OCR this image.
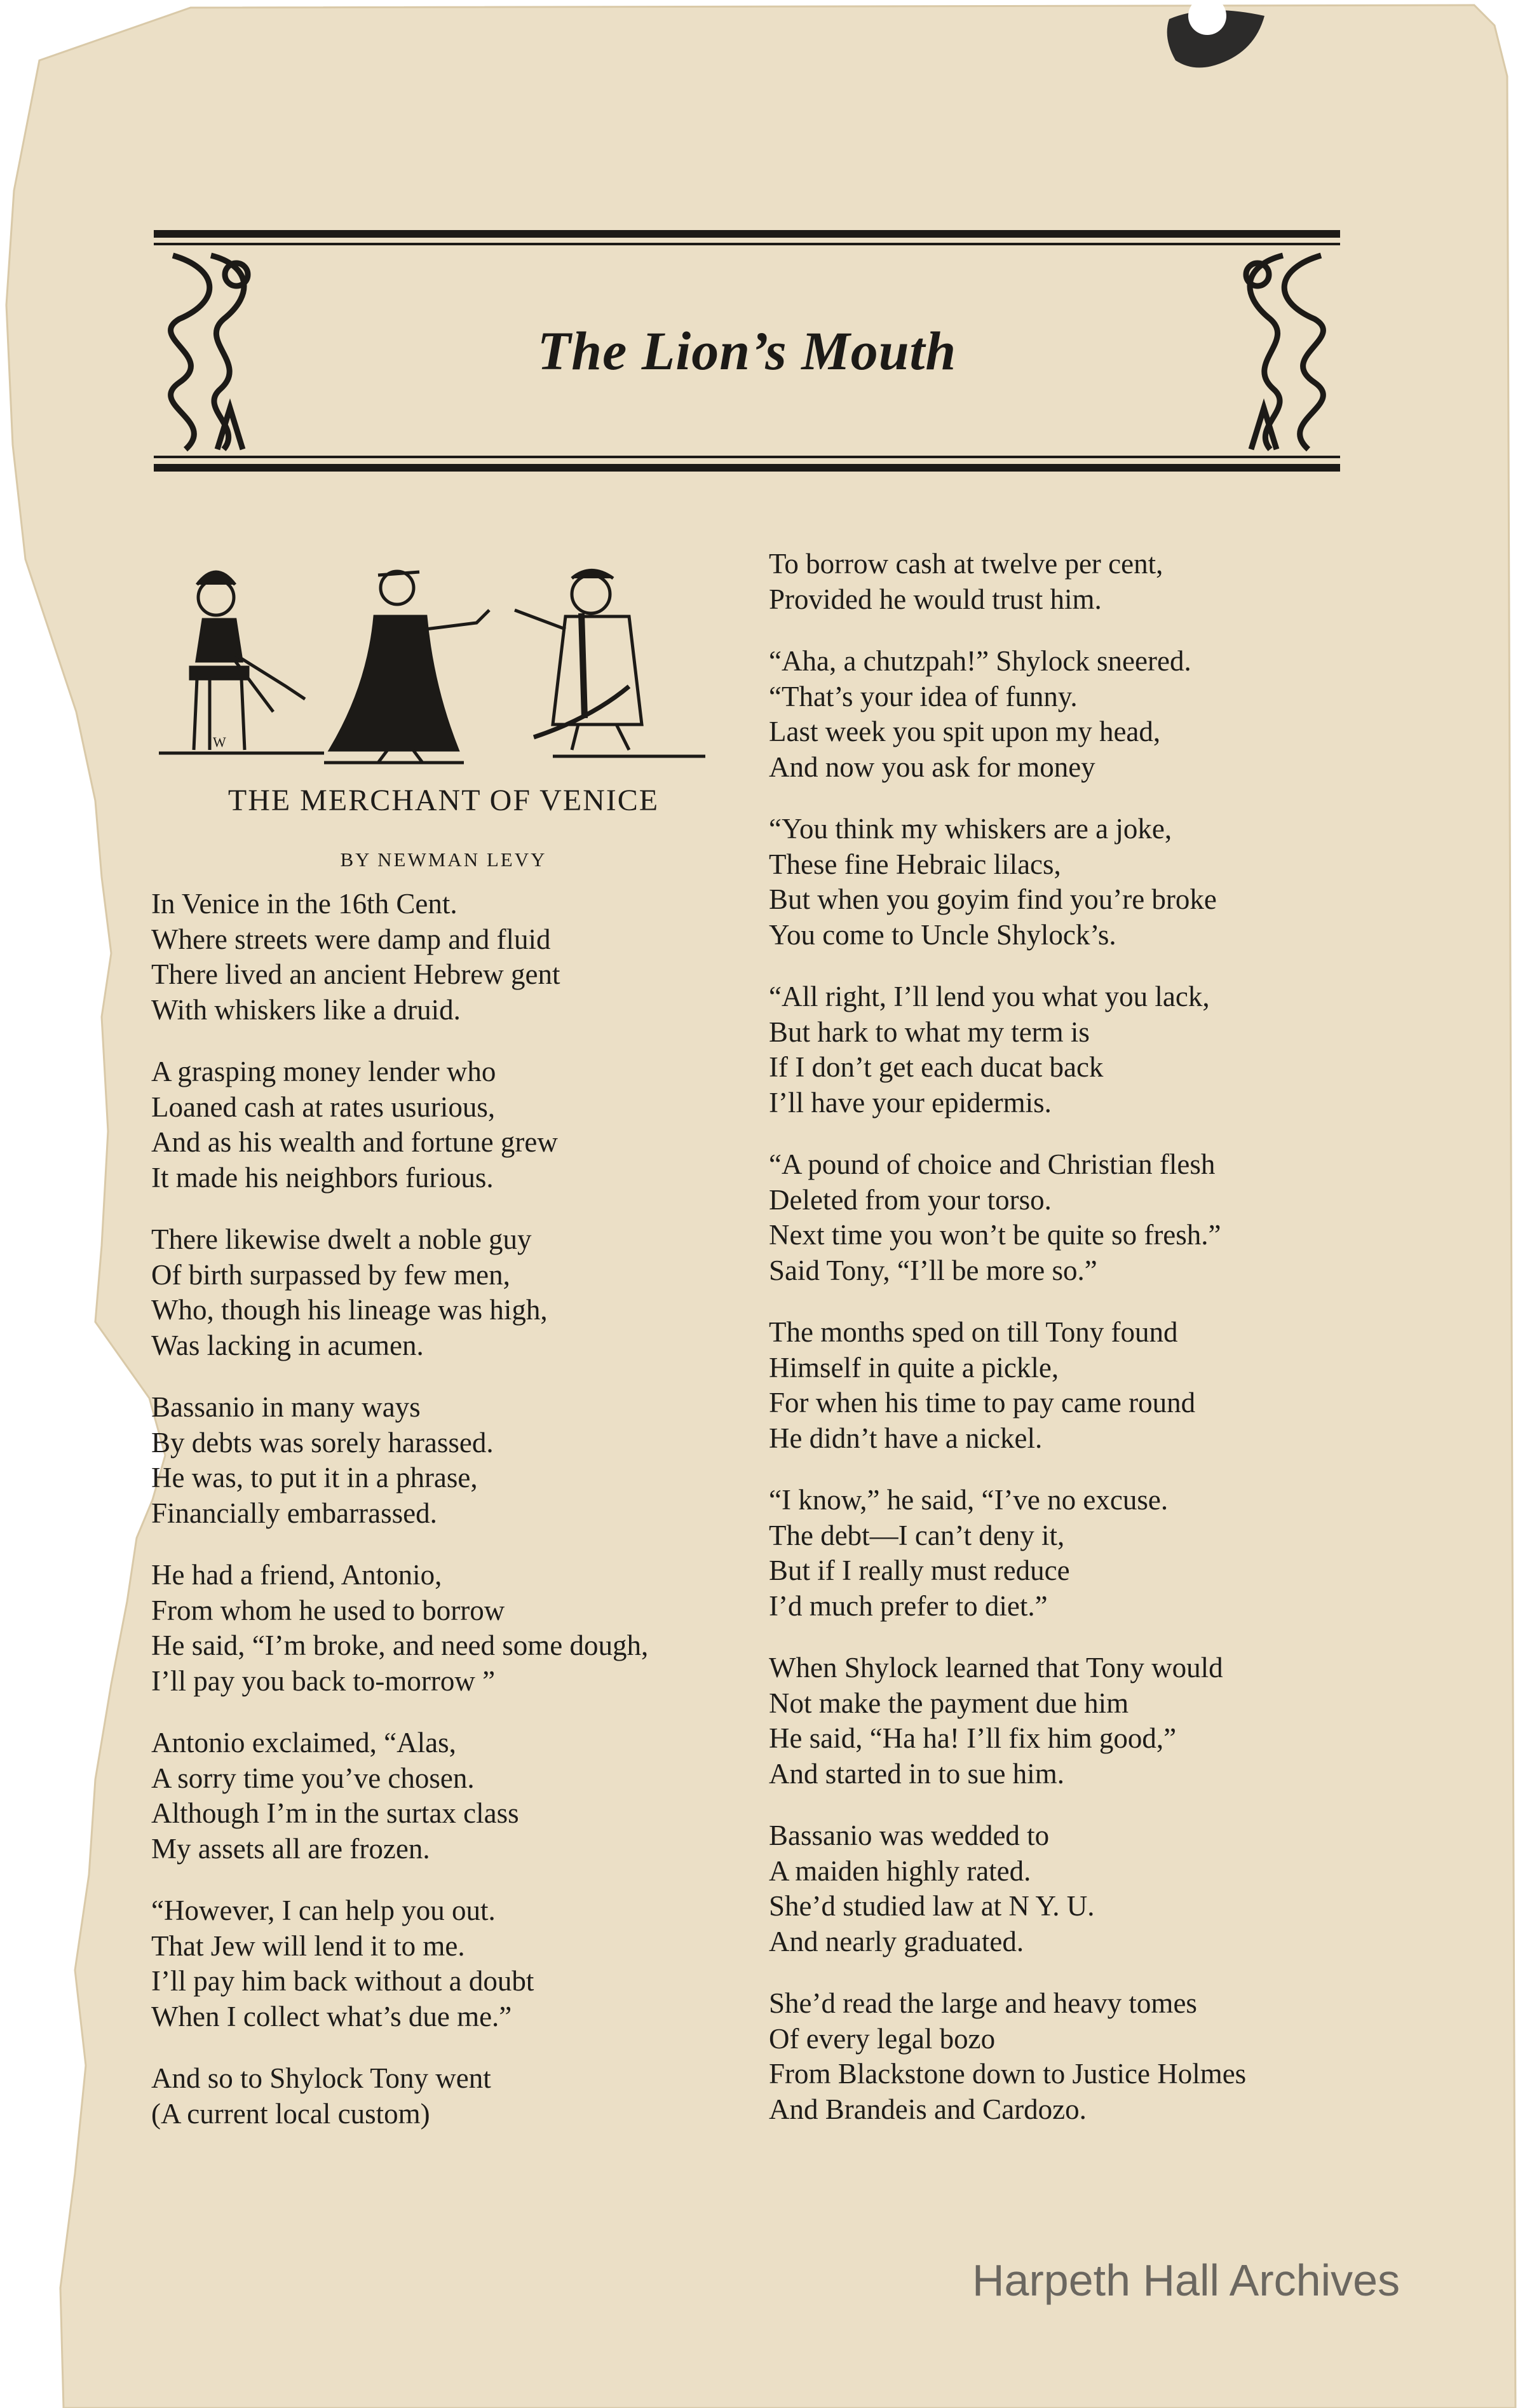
The Lion’s Mouth
W
THE MERCHANT OF VENICE
BY NEWMAN LEVY
In Venice in the 16th Cent.
Where streets were damp and fluid
There lived an ancient Hebrew gent
With whiskers like a druid.
A grasping money lender who
Loaned cash at rates usurious,
And as his wealth and fortune grew
It made his neighbors furious.
There likewise dwelt a noble guy
Of birth surpassed by few men,
Who, though his lineage was high,
Was lacking in acumen.
Bassanio in many ways
By debts was sorely harassed.
He was, to put it in a phrase,
Financially embarrassed.
He had a friend, Antonio,
From whom he used to borrow
He said, “I’m broke, and need some dough,
I’ll pay you back to-morrow ”
Antonio exclaimed, “Alas,
A sorry time you’ve chosen.
Although I’m in the surtax class
My assets all are frozen.
“However, I can help you out.
That Jew will lend it to me.
I’ll pay him back without a doubt
When I collect what’s due me.”
And so to Shylock Tony went
(A current local custom)
To borrow cash at twelve per cent,
Provided he would trust him.
“Aha, a chutzpah!” Shylock sneered.
“That’s your idea of funny.
Last week you spit upon my head,
And now you ask for money
“You think my whiskers are a joke,
These fine Hebraic lilacs,
But when you goyim find you’re broke
You come to Uncle Shylock’s.
“All right, I’ll lend you what you lack,
But hark to what my term is
If I don’t get each ducat back
I’ll have your epidermis.
“A pound of choice and Christian flesh
Deleted from your torso.
Next time you won’t be quite so fresh.”
Said Tony, “I’ll be more so.”
The months sped on till Tony found
Himself in quite a pickle,
For when his time to pay came round
He didn’t have a nickel.
“I know,” he said, “I’ve no excuse.
The debt—I can’t deny it,
But if I really must reduce
I’d much prefer to diet.”
When Shylock learned that Tony would
Not make the payment due him
He said, “Ha ha! I’ll fix him good,”
And started in to sue him.
Bassanio was wedded to
A maiden highly rated.
She’d studied law at N Y. U.
And nearly graduated.
She’d read the large and heavy tomes
Of every legal bozo
From Blackstone down to Justice Holmes
And Brandeis and Cardozo.
Harpeth Hall Archives
